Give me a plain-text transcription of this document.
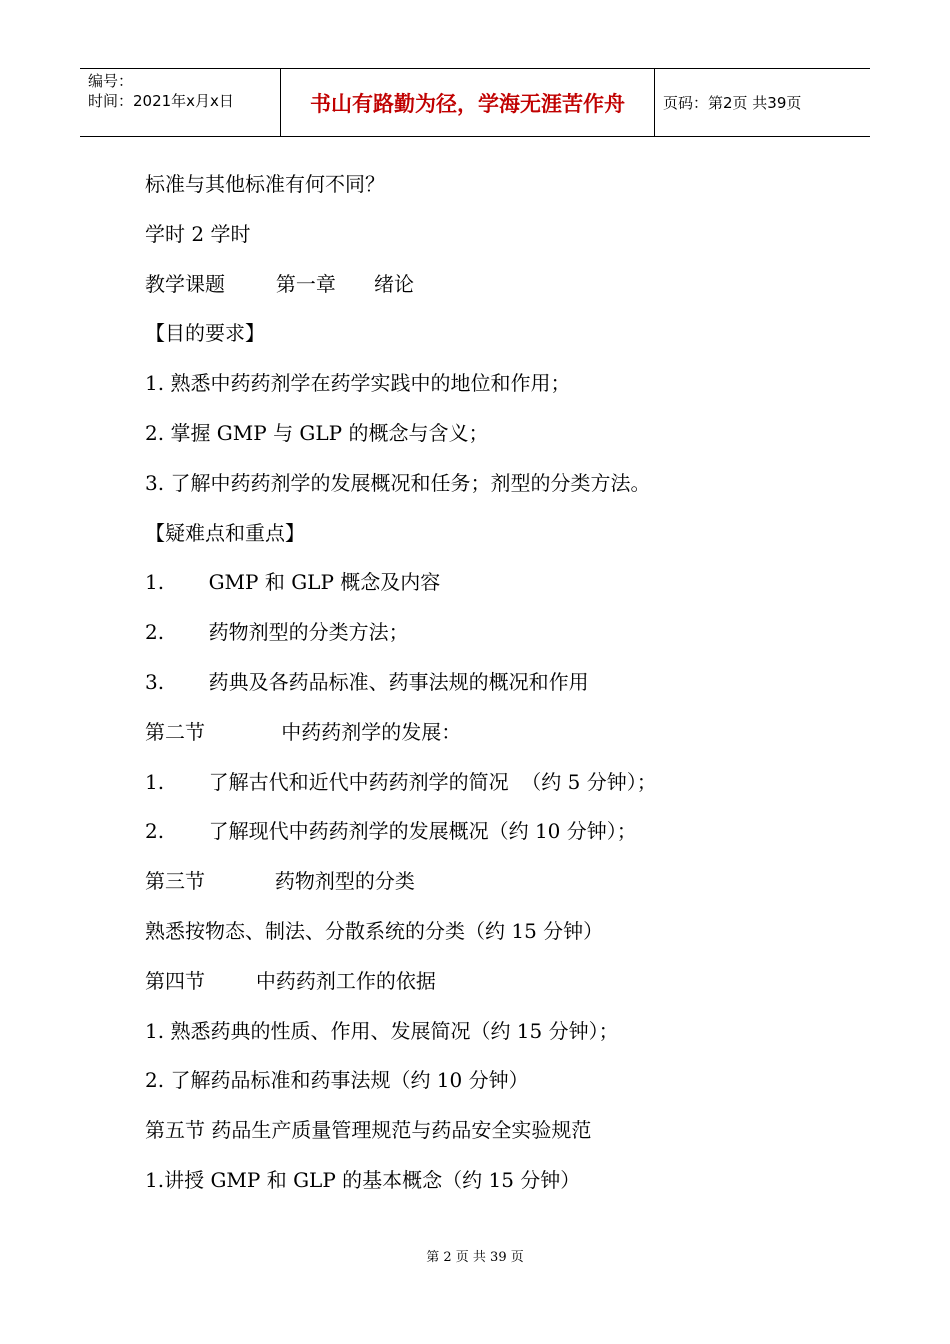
编号：
时间：2021年x月x日	书山有路勤为径，学海无涯苦作舟	页码：第2页 共39页
标准与其他标准有何不同？
学时 2 学时
教学课题        第一章      绪论
【目的要求】
1. 熟悉中药药剂学在药学实践中的地位和作用；
2. 掌握 GMP 与 GLP 的概念与含义；
3. 了解中药药剂学的发展概况和任务；剂型的分类方法。
【疑难点和重点】
1.       GMP 和 GLP 概念及内容
2.       药物剂型的分类方法；
3.       药典及各药品标准、药事法规的概况和作用
第二节            中药药剂学的发展：
1.       了解古代和近代中药药剂学的简况  （约 5 分钟）；
2.       了解现代中药药剂学的发展概况（约 10 分钟）；
第三节           药物剂型的分类
熟悉按物态、制法、分散系统的分类（约 15 分钟）
第四节        中药药剂工作的依据
1. 熟悉药典的性质、作用、发展简况（约 15 分钟）；
2. 了解药品标准和药事法规（约 10 分钟）
第五节 药品生产质量管理规范与药品安全实验规范
1.讲授 GMP 和 GLP 的基本概念（约 15 分钟）
第 2 页 共 39 页
